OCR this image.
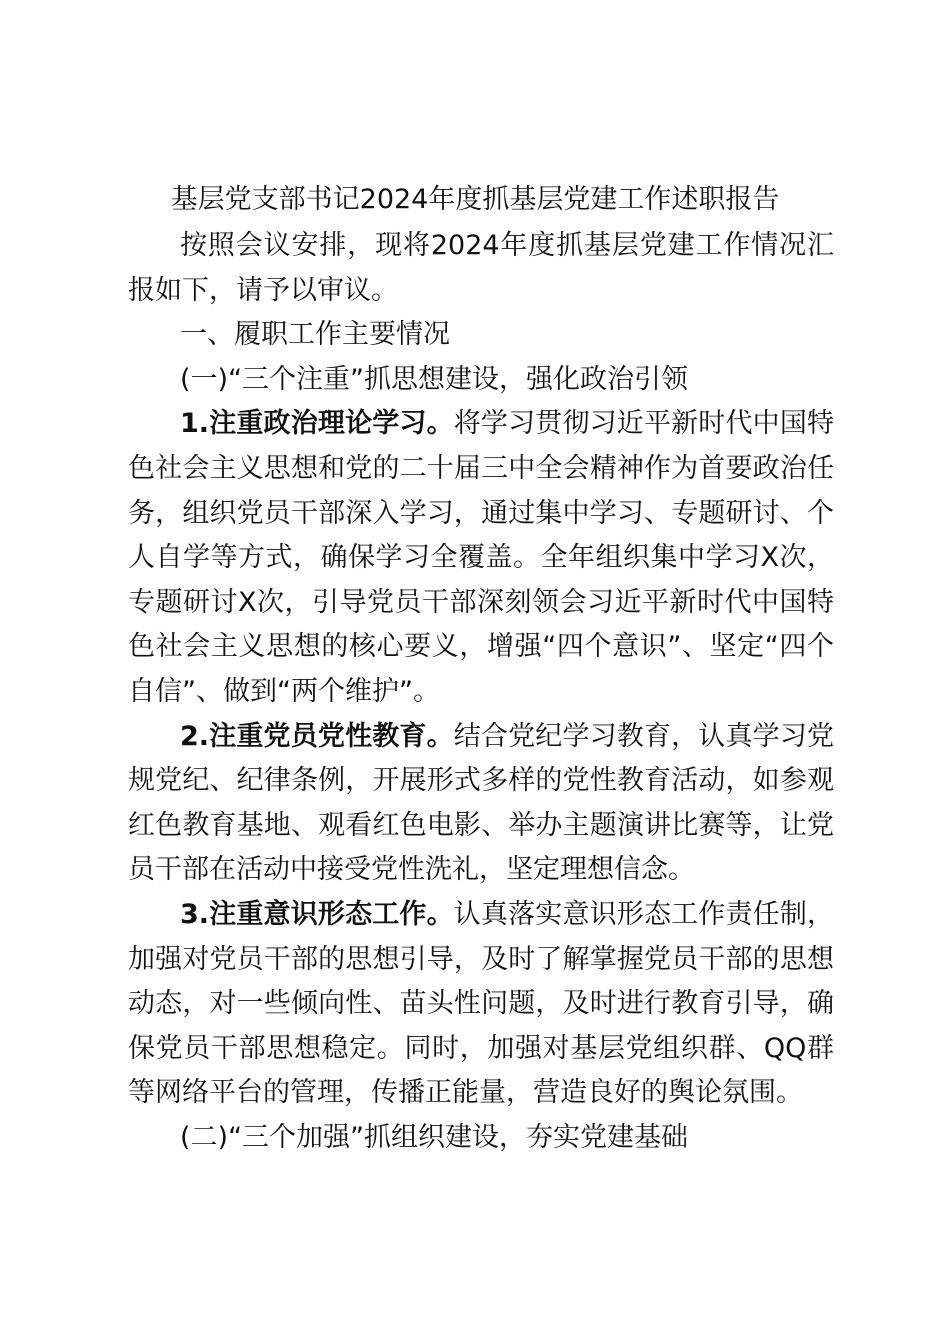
基层党支部书记2024年度抓基层党建工作述职报告

按照会议安排，现将2024年度抓基层党建工作情况汇报如下，请予以审议。

一、履职工作主要情况

(一)“三个注重”抓思想建设，强化政治引领

1.注重政治理论学习。将学习贯彻习近平新时代中国特色社会主义思想和党的二十届三中全会精神作为首要政治任务，组织党员干部深入学习，通过集中学习、专题研讨、个人自学等方式，确保学习全覆盖。全年组织集中学习X次，专题研讨X次，引导党员干部深刻领会习近平新时代中国特色社会主义思想的核心要义，增强“四个意识”、坚定“四个自信”、做到“两个维护”。

2.注重党员党性教育。结合党纪学习教育，认真学习党规党纪、纪律条例，开展形式多样的党性教育活动，如参观红色教育基地、观看红色电影、举办主题演讲比赛等，让党员干部在活动中接受党性洗礼，坚定理想信念。

3.注重意识形态工作。认真落实意识形态工作责任制，加强对党员干部的思想引导，及时了解掌握党员干部的思想动态，对一些倾向性、苗头性问题，及时进行教育引导，确保党员干部思想稳定。同时，加强对基层党组织群、QQ群等网络平台的管理，传播正能量，营造良好的舆论氛围。

(二)“三个加强”抓组织建设，夯实党建基础
